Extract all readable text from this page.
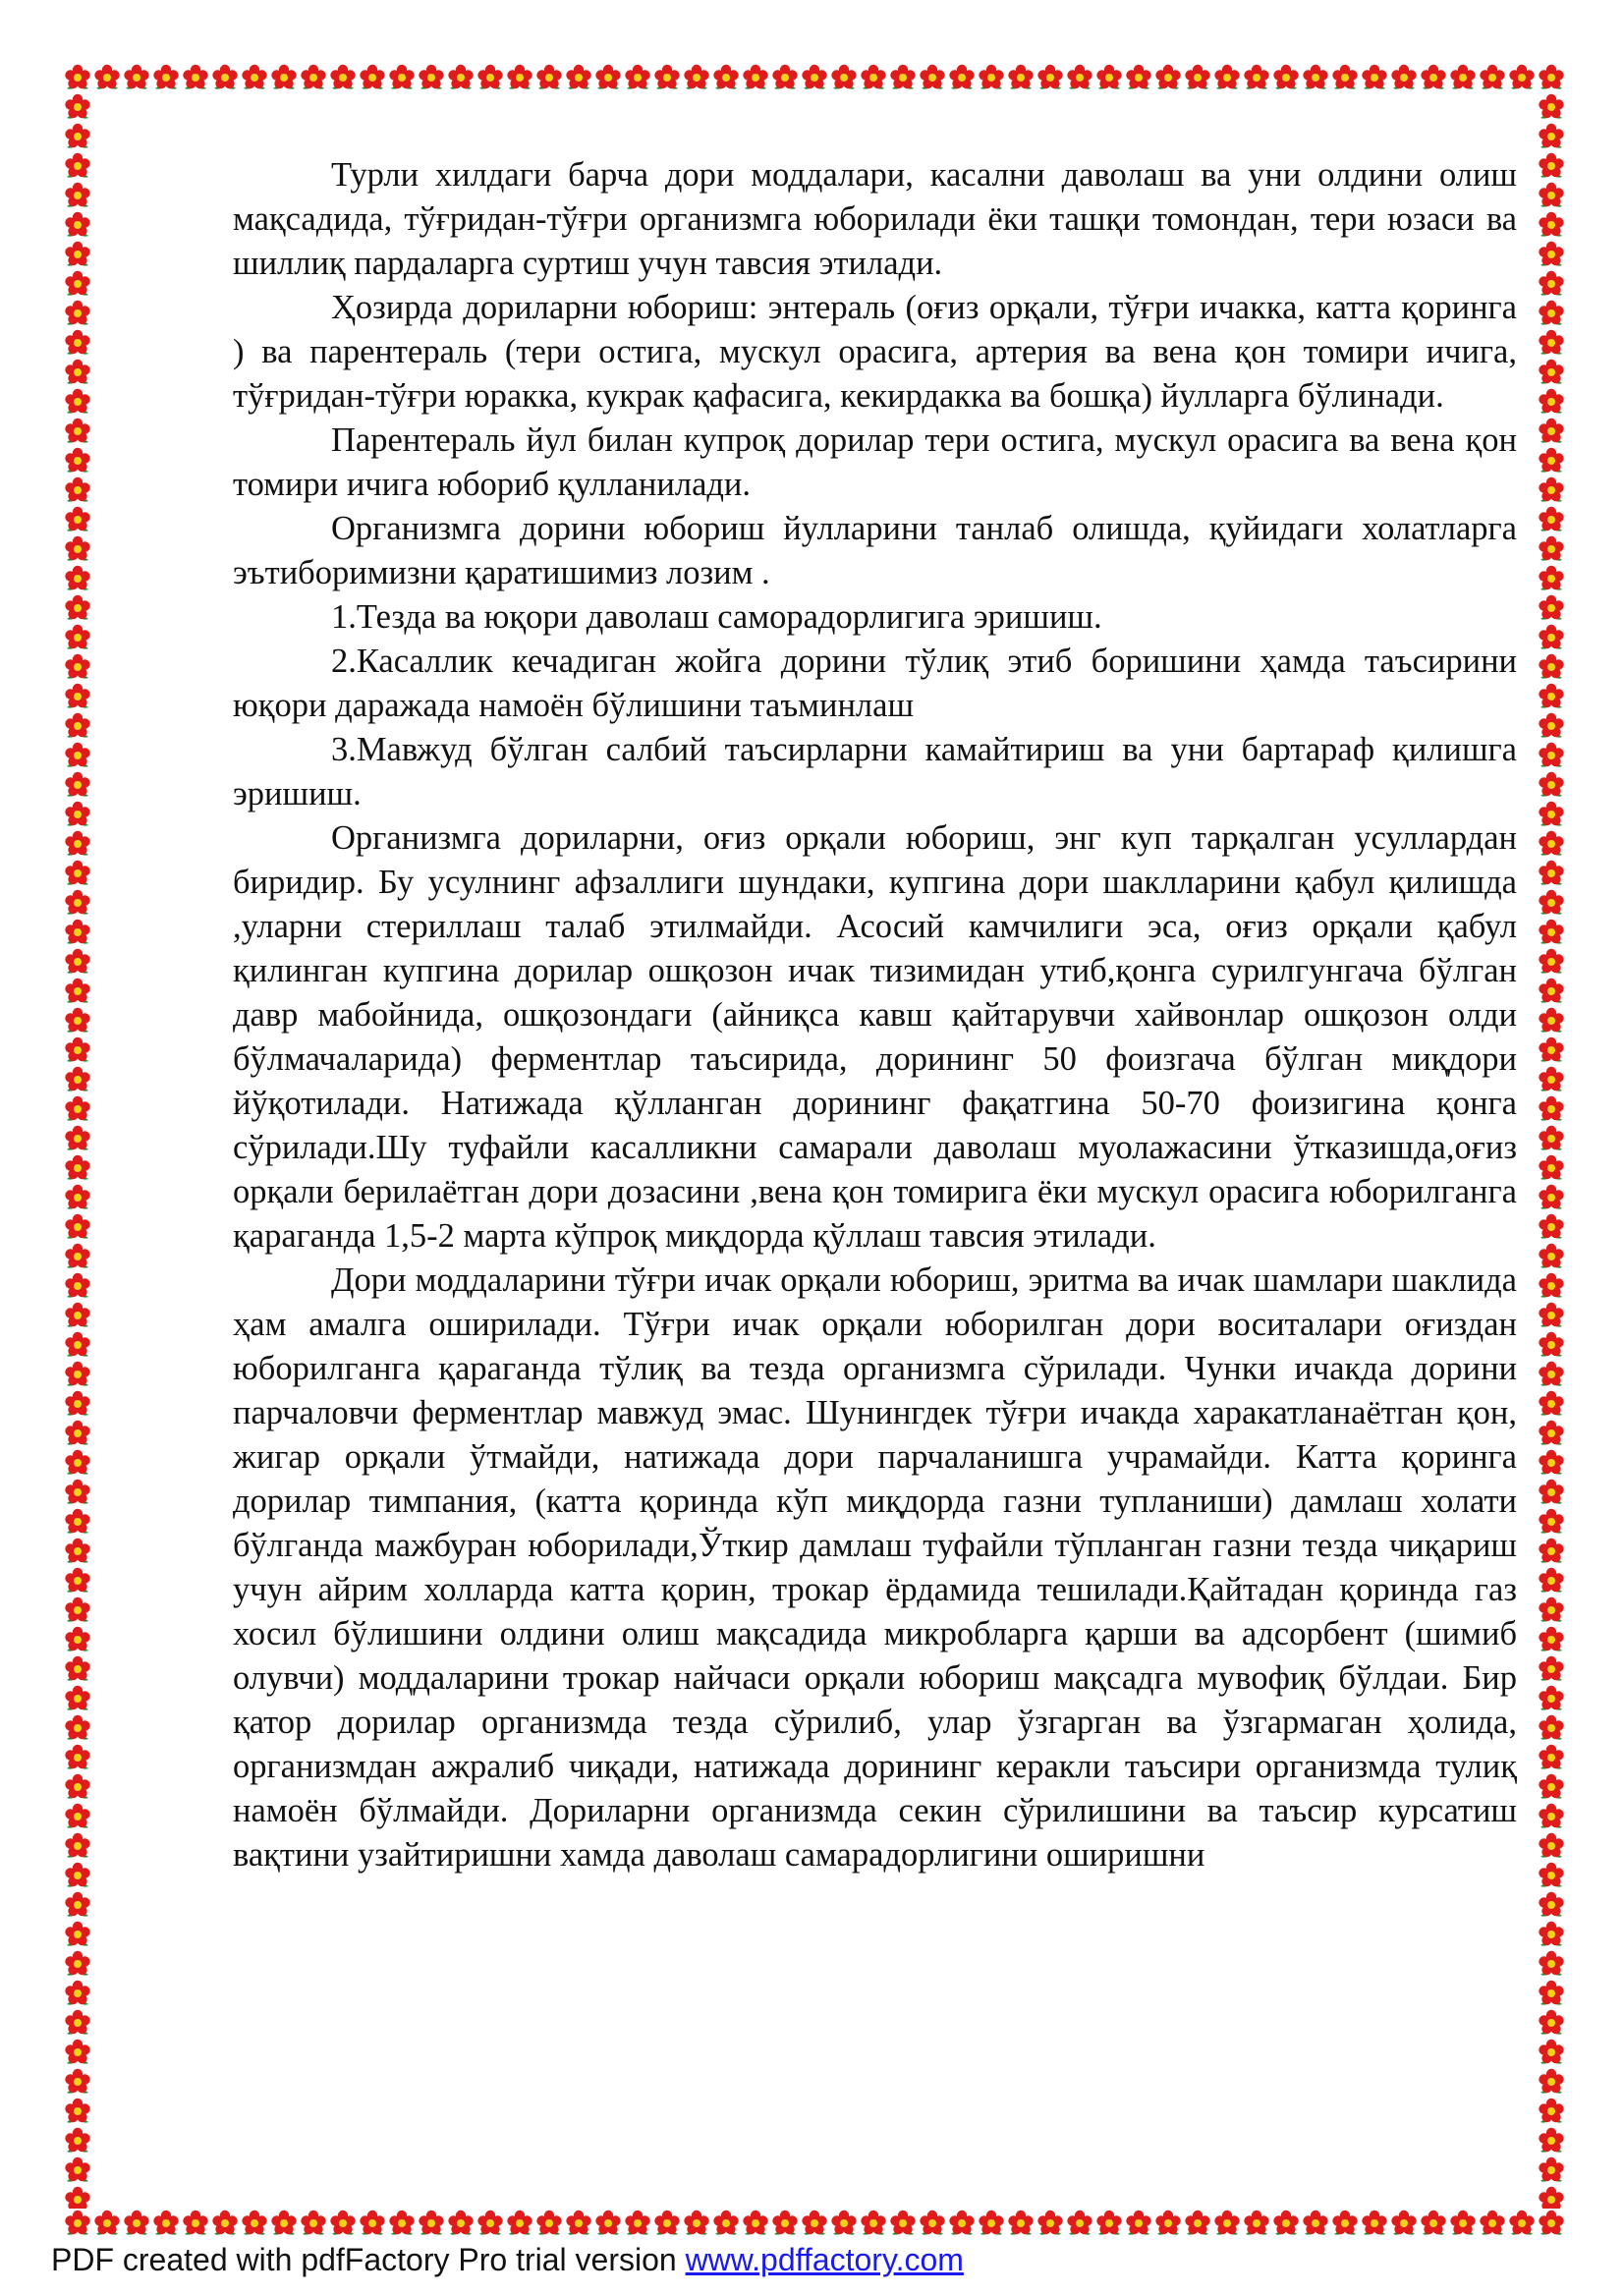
Турли хилдаги барча дори моддалари, касални даволаш ва уни олдини олиш мақсадида, тўғридан-тўғри организмга юборилади ёки ташқи томондан, тери юзаси ва шиллиқ пардаларга суртиш учун тавсия этилади.

Ҳозирда дориларни юбориш: энтераль (оғиз орқали, тўғри ичакка, катта қоринга ) ва парентераль (тери остига, мускул орасига, артерия ва вена қон томири ичига, тўғридан-тўғри юракка, кукрак қафасига, кекирдакка ва бошқа) йулларга бўлинади.

Парентераль йул билан купроқ дорилар тери остига, мускул орасига ва вена қон томири ичига юбориб қулланилади.

Организмга дорини юбориш йулларини танлаб олишда, қуйидаги холатларга эътиборимизни қаратишимиз лозим .

1.Тезда ва юқори даволаш саморадорлигига эришиш.

2.Касаллик кечадиган жойга дорини тўлиқ этиб боришини ҳамда таъсирини юқори даражада намоён бўлишини таъминлаш

3.Мавжуд бўлган салбий таъсирларни камайтириш ва уни бартараф қилишга эришиш.

Организмга дориларни, оғиз орқали юбориш, энг куп тарқалган усуллардан биридир. Бу усулнинг афзаллиги шундаки, купгина дори шаклларини қабул қилишда ,уларни стериллаш талаб этилмайди. Асосий камчилиги эса, оғиз орқали қабул қилинган купгина дорилар ошқозон ичак тизимидан утиб,қонга сурилгунгача бўлган давр мабойнида, ошқозондаги (айниқса кавш қайтарувчи хайвонлар ошқозон олди бўлмачаларида) ферментлар таъсирида, дорининг 50 фоизгача бўлган миқдори йўқотилади. Натижада қўлланган дорининг фақатгина 50-70 фоизигина қонга сўрилади.Шу туфайли касалликни самарали даволаш муолажасини ўтказишда,оғиз орқали берилаётган дори дозасини ,вена қон томирига ёки мускул орасига юборилганга қараганда 1,5-2 марта кўпроқ миқдорда қўллаш тавсия этилади.

Дори моддаларини тўғри ичак орқали юбориш, эритма ва ичак шамлари шаклида ҳам амалга оширилади. Тўғри ичак орқали юборилган дори воситалари оғиздан юборилганга қараганда тўлиқ ва тезда организмга сўрилади. Чунки ичакда дорини парчаловчи ферментлар мавжуд эмас. Шунингдек тўғри ичакда харакатланаётган қон, жигар орқали ўтмайди, натижада дори парчаланишга учрамайди. Катта қоринга дорилар тимпания, (катта қоринда кўп миқдорда газни тупланиши) дамлаш холати бўлганда мажбуран юборилади,Ўткир дамлаш туфайли тўпланган газни тезда чиқариш учун айрим холларда катта қорин, трокар ёрдамида тешилади.Қайтадан қоринда газ хосил бўлишини олдини олиш мақсадида микробларга қарши ва адсорбент (шимиб олувчи) моддаларини трокар найчаси орқали юбориш мақсадга мувофиқ бўлдаи. Бир қатор дорилар организмда тезда сўрилиб, улар ўзгарган ва ўзгармаган ҳолида, организмдан ажралиб чиқади, натижада дорининг керакли таъсири организмда тулиқ намоён бўлмайди. Дориларни организмда секин сўрилишини ва таъсир курсатиш вақтини узайтиришни хамда даволаш самарадорлигини оширишни

PDF created with pdfFactory Pro trial version www.pdffactory.com
